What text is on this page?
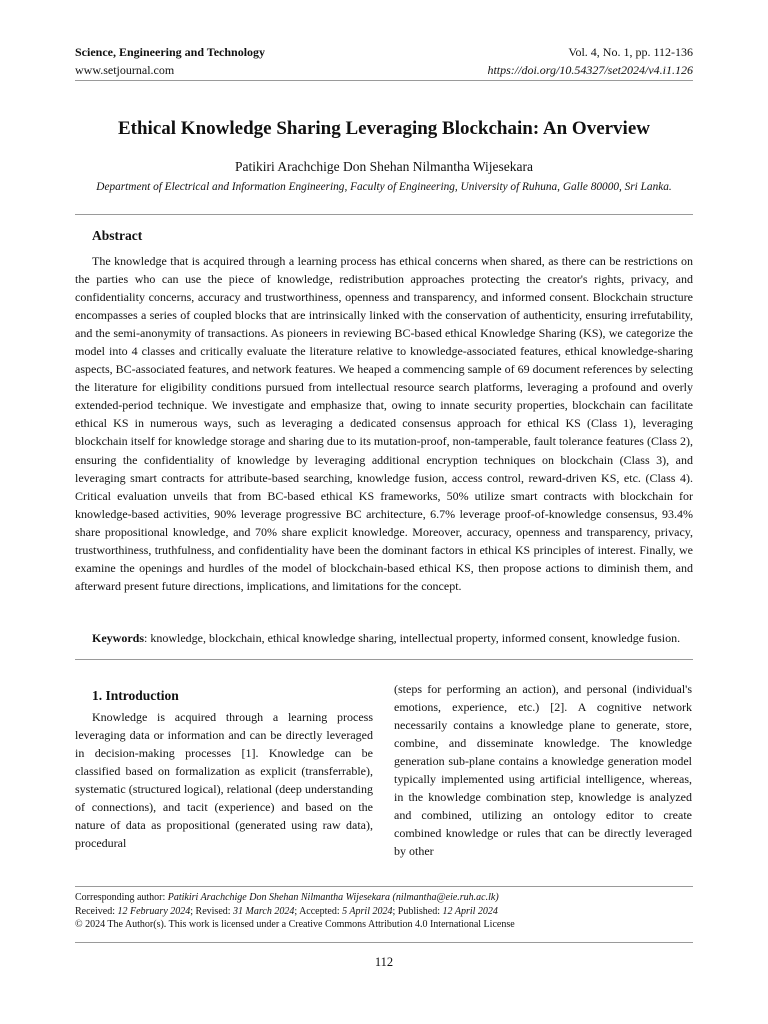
Science, Engineering and Technology
www.setjournal.com
Vol. 4, No. 1, pp. 112-136
https://doi.org/10.54327/set2024/v4.i1.126
Ethical Knowledge Sharing Leveraging Blockchain: An Overview
Patikiri Arachchige Don Shehan Nilmantha Wijesekara
Department of Electrical and Information Engineering, Faculty of Engineering, University of Ruhuna, Galle 80000, Sri Lanka.
Abstract

The knowledge that is acquired through a learning process has ethical concerns when shared, as there can be restrictions on the parties who can use the piece of knowledge, redistribution approaches protecting the creator's rights, privacy, and confidentiality concerns, accuracy and trustworthiness, openness and transparency, and informed consent. Blockchain structure encompasses a series of coupled blocks that are intrinsically linked with the conservation of authenticity, ensuring irrefutability, and the semi-anonymity of transactions. As pioneers in reviewing BC-based ethical Knowledge Sharing (KS), we categorize the model into 4 classes and critically evaluate the literature relative to knowledge-associated features, ethical knowledge-sharing aspects, BC-associated features, and network features. We heaped a commencing sample of 69 document references by selecting the literature for eligibility conditions pursued from intellectual resource search platforms, leveraging a profound and overly extended-period technique. We investigate and emphasize that, owing to innate security properties, blockchain can facilitate ethical KS in numerous ways, such as leveraging a dedicated consensus approach for ethical KS (Class 1), leveraging blockchain itself for knowledge storage and sharing due to its mutation-proof, non-tamperable, fault tolerance features (Class 2), ensuring the confidentiality of knowledge by leveraging additional encryption techniques on blockchain (Class 3), and leveraging smart contracts for attribute-based searching, knowledge fusion, access control, reward-driven KS, etc. (Class 4). Critical evaluation unveils that from BC-based ethical KS frameworks, 50% utilize smart contracts with blockchain for knowledge-based activities, 90% leverage progressive BC architecture, 6.7% leverage proof-of-knowledge consensus, 93.4% share propositional knowledge, and 70% share explicit knowledge. Moreover, accuracy, openness and transparency, privacy, trustworthiness, truthfulness, and confidentiality have been the dominant factors in ethical KS principles of interest. Finally, we examine the openings and hurdles of the model of blockchain-based ethical KS, then propose actions to diminish them, and afterward present future directions, implications, and limitations for the concept.

Keywords: knowledge, blockchain, ethical knowledge sharing, intellectual property, informed consent, knowledge fusion.
1. Introduction

Knowledge is acquired through a learning process leveraging data or information and can be directly leveraged in decision-making processes [1]. Knowledge can be classified based on formalization as explicit (transferrable), systematic (structured logical), relational (deep understanding of connections), and tacit (experience) and based on the nature of data as propositional (generated using raw data), procedural

(steps for performing an action), and personal (individual's emotions, experience, etc.) [2]. A cognitive network necessarily contains a knowledge plane to generate, store, combine, and disseminate knowledge. The knowledge generation sub-plane contains a knowledge generation model typically implemented using artificial intelligence, whereas, in the knowledge combination step, knowledge is analyzed and combined, utilizing an ontology editor to create combined knowledge or rules that can be directly leveraged by other

Corresponding author: Patikiri Arachchige Don Shehan Nilmantha Wijesekara (nilmantha@eie.ruh.ac.lk)
Received: 12 February 2024; Revised: 31 March 2024; Accepted: 5 April 2024; Published: 12 April 2024
© 2024 The Author(s). This work is licensed under a Creative Commons Attribution 4.0 International License
112
